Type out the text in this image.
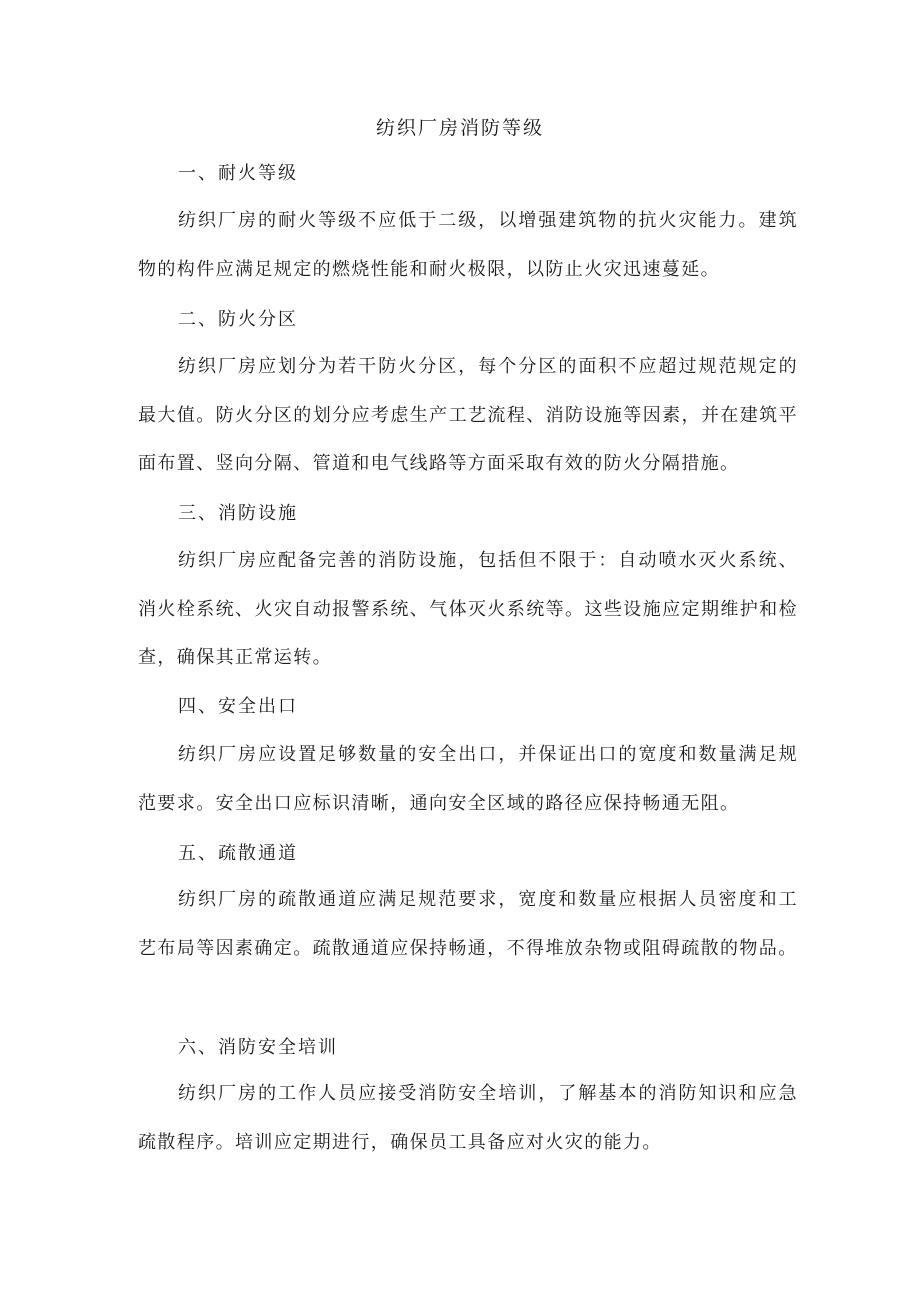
纺织厂房消防等级

一、耐火等级

纺织厂房的耐火等级不应低于二级，以增强建筑物的抗火灾能力。建筑物的构件应满足规定的燃烧性能和耐火极限，以防止火灾迅速蔓延。

二、防火分区

纺织厂房应划分为若干防火分区，每个分区的面积不应超过规范规定的最大值。防火分区的划分应考虑生产工艺流程、消防设施等因素，并在建筑平面布置、竖向分隔、管道和电气线路等方面采取有效的防火分隔措施。

三、消防设施

纺织厂房应配备完善的消防设施，包括但不限于：自动喷水灭火系统、消火栓系统、火灾自动报警系统、气体灭火系统等。这些设施应定期维护和检查，确保其正常运转。

四、安全出口

纺织厂房应设置足够数量的安全出口，并保证出口的宽度和数量满足规范要求。安全出口应标识清晰，通向安全区域的路径应保持畅通无阻。

五、疏散通道

纺织厂房的疏散通道应满足规范要求，宽度和数量应根据人员密度和工艺布局等因素确定。疏散通道应保持畅通，不得堆放杂物或阻碍疏散的物品。

六、消防安全培训

纺织厂房的工作人员应接受消防安全培训，了解基本的消防知识和应急疏散程序。培训应定期进行，确保员工具备应对火灾的能力。
